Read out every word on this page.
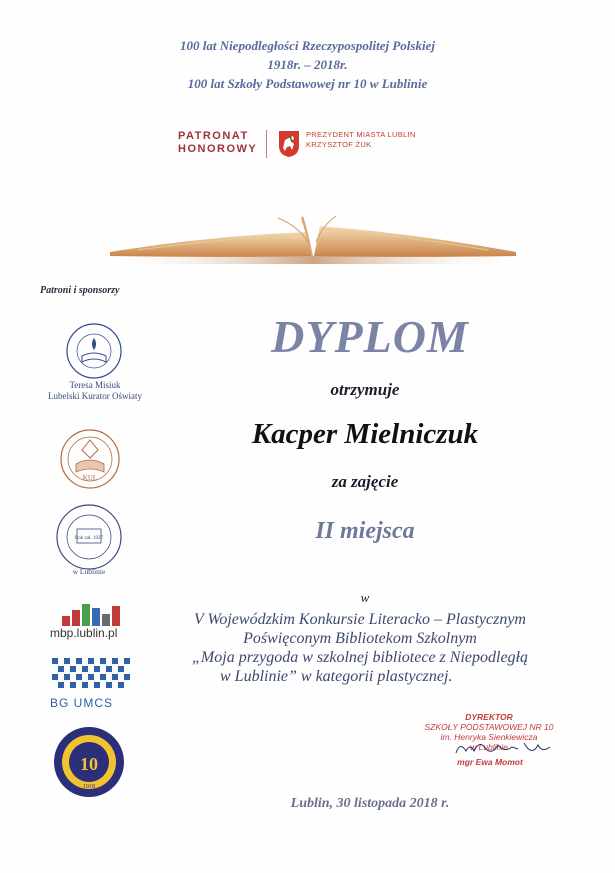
100 lat Niepodległości Rzeczypospolitej Polskiej
1918r. – 2018r.
100 lat Szkoły Podstawowej nr 10 w Lublinie
PATRONAT
HONOROWY
PREZYDENT MIASTA LUBLIN
KRZYSZTOF ŻUK
Patroni i sponsorzy
Teresa Misiuk
Lubelski Kurator Oświaty
KUL
Rok zał. 1927
w Lublinie
mbp.lublin.pl
BG UMCS
10
1918
DYPLOM
otrzymuje
Kacper Mielniczuk
za zajęcie
II miejsca
w
V Wojewódzkim Konkursie Literacko – Plastycznym
Poświęconym Bibliotekom Szkolnym
„Moja przygoda w szkolnej bibliotece z Niepodległą
w Lublinie” w kategorii plastycznej.
DYREKTOR
SZKOŁY PODSTAWOWEJ NR 10
im. Henryka Sienkiewicza
w Lublinie
mgr Ewa Momot
Lublin, 30 listopada 2018 r.
